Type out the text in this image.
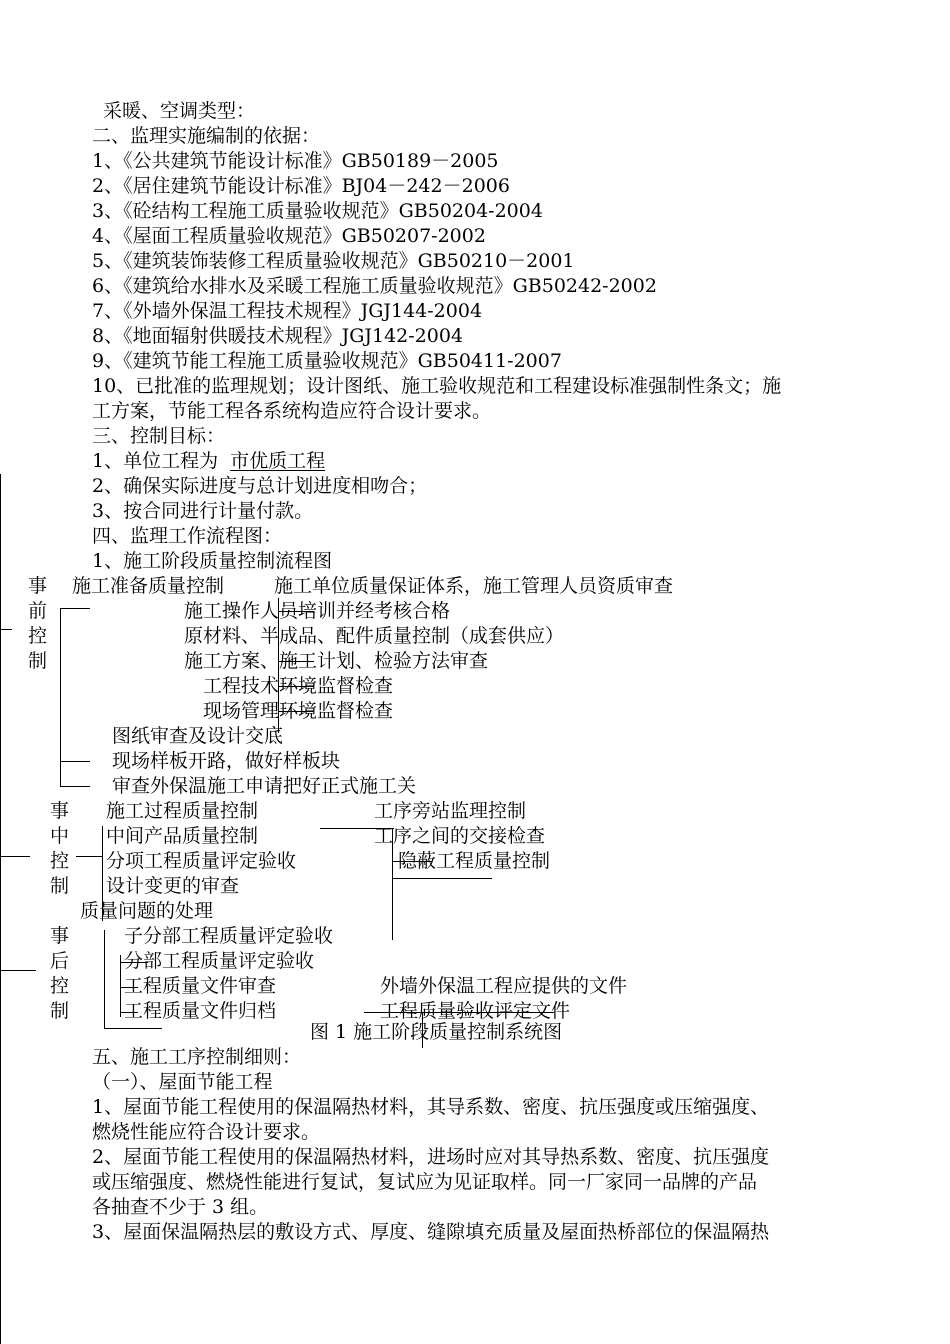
采暖、空调类型：
二、监理实施编制的依据：
1、《公共建筑节能设计标准》GB50189－2005
2、《居住建筑节能设计标准》BJ04－242－2006
3、《砼结构工程施工质量验收规范》GB50204-2004
4、《屋面工程质量验收规范》GB50207-2002
5、《建筑装饰装修工程质量验收规范》GB50210－2001
6、《建筑给水排水及采暖工程施工质量验收规范》GB50242-2002
7、《外墙外保温工程技术规程》JGJ144-2004
8、《地面辐射供暖技术规程》JGJ142-2004
9、《建筑节能工程施工质量验收规范》GB50411-2007
10、已批准的监理规划；设计图纸、施工验收规范和工程建设标准强制性条文；施
工方案，节能工程各系统构造应符合设计要求。
三、控制目标：
1、单位工程为 市优质工程
2、确保实际进度与总计划进度相吻合；
3、按合同进行计量付款。
四、监理工作流程图：
1、施工阶段质量控制流程图
事
前
控
制
施工准备质量控制	施工单位质量保证体系，施工管理人员资质审查
施工操作人员培训并经考核合格
原材料、半成品、配件质量控制（成套供应）
施工方案、施工计划、检验方法审查
工程技术环境监督检查
现场管理环境监督检查
图纸审查及设计交底
现场样板开路，做好样板块
审查外保温施工申请把好正式施工关
事
中
控
制
施工过程质量控制	工序旁站监理控制
中间产品质量控制	工序之间的交接检查
分项工程质量评定验收	隐蔽工程质量控制
设计变更的审查
质量问题的处理
事
后
控
制
子分部工程质量评定验收
分部工程质量评定验收
工程质量文件审查	外墙外保温工程应提供的文件
工程质量文件归档	工程质量验收评定文件
图 1 施工阶段质量控制系统图
五、施工工序控制细则：
（一）、屋面节能工程
1、屋面节能工程使用的保温隔热材料，其导系数、密度、抗压强度或压缩强度、
燃烧性能应符合设计要求。
2、屋面节能工程使用的保温隔热材料，进场时应对其导热系数、密度、抗压强度
或压缩强度、燃烧性能进行复试，复试应为见证取样。同一厂家同一品牌的产品
各抽查不少于 3 组。
3、屋面保温隔热层的敷设方式、厚度、缝隙填充质量及屋面热桥部位的保温隔热
